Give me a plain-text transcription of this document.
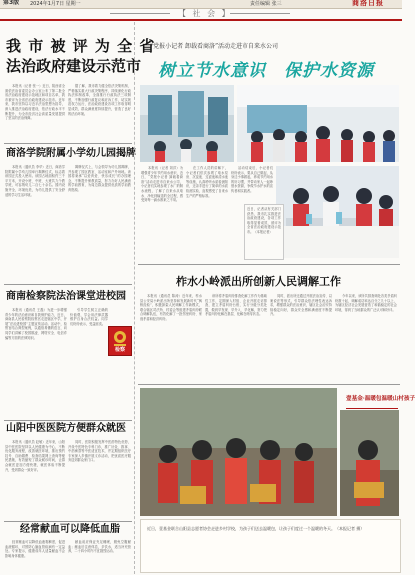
第3版 2024年1月7日 星期一	责任编辑 张三	商洛日报
【 社 会 】
我 市 被 评 为 全 省
法治政府建设示范市
本报讯（记者 张一）近日，陕西省全面依法治省委员会办公室公布了第二批全省法治政府建设示范地区和项目名单，我市被评为全省法治政府建设示范市。近年来，我市坚持以习近平法治思想为指导，深入推进法治政府建设，依法行政水平不断提升，为全市经济社会高质量发展提供了坚实的法治保障。
据了解，我市着力健全依法决策机制，严格落实重大行政决策程序，持续深化行政执法体制改革，全面推行行政执法三项制度，不断加强行政复议和应诉工作，切实规范权力运行，法治政府建设各项工作取得明显成效，群众满意度持续提升，营造了良好的法治环境。
商洛学院附属小学幼儿园揭牌
本报讯（通讯员 李华）近日，商洛学院附属小学幼儿园举行揭牌仪式，标志着该园正式投入使用。该园占地面积约三千平方米，开设小班、中班、大班共九个教学班，可容纳幼儿二百七十余名。园内设施齐全，环境优美，为幼儿提供了安全舒适的学习生活环境。
揭牌仪式上，与会领导为幼儿园揭牌，并参观了园区教室、活动室和户外场地。该园将秉承“以爱育爱、快乐成长”的办园理念，不断提升保教质量，努力办好人民满意的学前教育，为周边群众提供优质的学前教育资源。
商南检察院法治课堂进校园
本报讯（通讯员 王磊）为进一步增强青少年的法治意识和自我保护能力，近日，商南县人民检察院检察官走进辖区中学，开展“法治进校园”主题宣传活动。活动中，检察官结合典型案例，以通俗易懂的语言，向同学们讲解了校园欺凌、网络安全、电信诈骗等方面的法律知识。
引导学生树立正确的价值观，学会用法律武器维护自身合法权益。同学们纷纷表示，受益匪浅。
检察
山阳中医医院方便群众就医
本报讯（通讯员 赵敏）近年来，山阳县中医医院坚持以人民健康为中心，不断优化服务流程，改善就医环境，推出预约挂号、自助缴费、检查结果网上查询等便民措施，有效缩短了群众候诊时间，让群众就医更加方便快捷，就医体验不断提升，受到群众一致好评。
同时，医院积极发挥中医药特色优势，开设中医特色专科门诊，推广针灸、推拿、中药熏蒸等中医适宜技术，并定期组织医疗专家深入乡镇开展义诊活动，把优质医疗服务送到群众家门口。
经常献血可以降低血脂
经常献血可以降低血液黏稠度，促进血液循环，对预防心脑血管疾病有一定益处。专家提示，健康成年人适量献血不会影响身体健康。
献血前应保证充足睡眠，避免空腹献血；献血后注意休息，多饮水，适当补充营养，二十四小时内不宜剧烈运动。
“党报小记者 卸载看商洛”活动走进市自来水公司
树立节水意识　保护水资源
本报讯（记者 刘洋）为增强青少年节约用水意识，近日，“党报小记者 卸载看商洛”活动走进市自来水公司，小记者们实地参观了水厂的制水流程，了解了自来水从取水、净化到输送的全过程，感受到每一滴水都来之不易。
在工作人员的讲解下，小记者们依次参观了取水泵房、沉淀池、过滤池和清水池等设施，认真聆听水质检测知识，还亲手进行了简单的水质检测实验，直观感受了自来水生产的严格标准。
活动结束后，小记者们纷纷表示，要从自己做起，从身边小事做起，养成节约用水的好习惯，并带动家人一起珍惜水资源，争做节水护水的宣传者和实践者。
近日，记者从有关部门获悉，我市扎实推进法治政府建设，各项工作取得显著成效，被评为全省法治政府建设示范市。（本报记者）
柞水小岭派出所创新人民调解工作
本报讯（通讯员 陈涛）近年来，柞水县公安局小岭派出所坚持和发展新时代“枫桥经验”，积极探索人民调解工作新模式，联合辖区司法所、村委会等组建矛盾纠纷联合调解队伍，有效化解了一批邻里纠纷、家庭矛盾和经济纠纷。
该所将矛盾纠纷排查化解工作作为基础性工作，定期深入村组、企业开展走访排查，建立矛盾纠纷台账，实行分级分类处置，做到早发现、早介入、早化解，努力把矛盾纠纷化解在基层、化解在萌芽状态。
同时，派出所还通过开展法治宣传、以案说法等形式，引导群众依法理性表达诉求，增强群众的法治意识，辖区社会治安持续稳定向好，群众安全感和满意度不断提升。
今年以来，该所共排查调处各类矛盾纠纷数十起，调解成功率达百分之九十以上，为辖区经济社会发展营造了和谐稳定的社会环境，得到了当地群众的广泛认可和好评。
壹基金·温暖包温暖山村孩子
近日，壹基金联合山阳县志愿者协会走进乡村学校，为孩子们送去温暖包，让孩子们度过一个温暖的冬天。（本报记者 摄）
